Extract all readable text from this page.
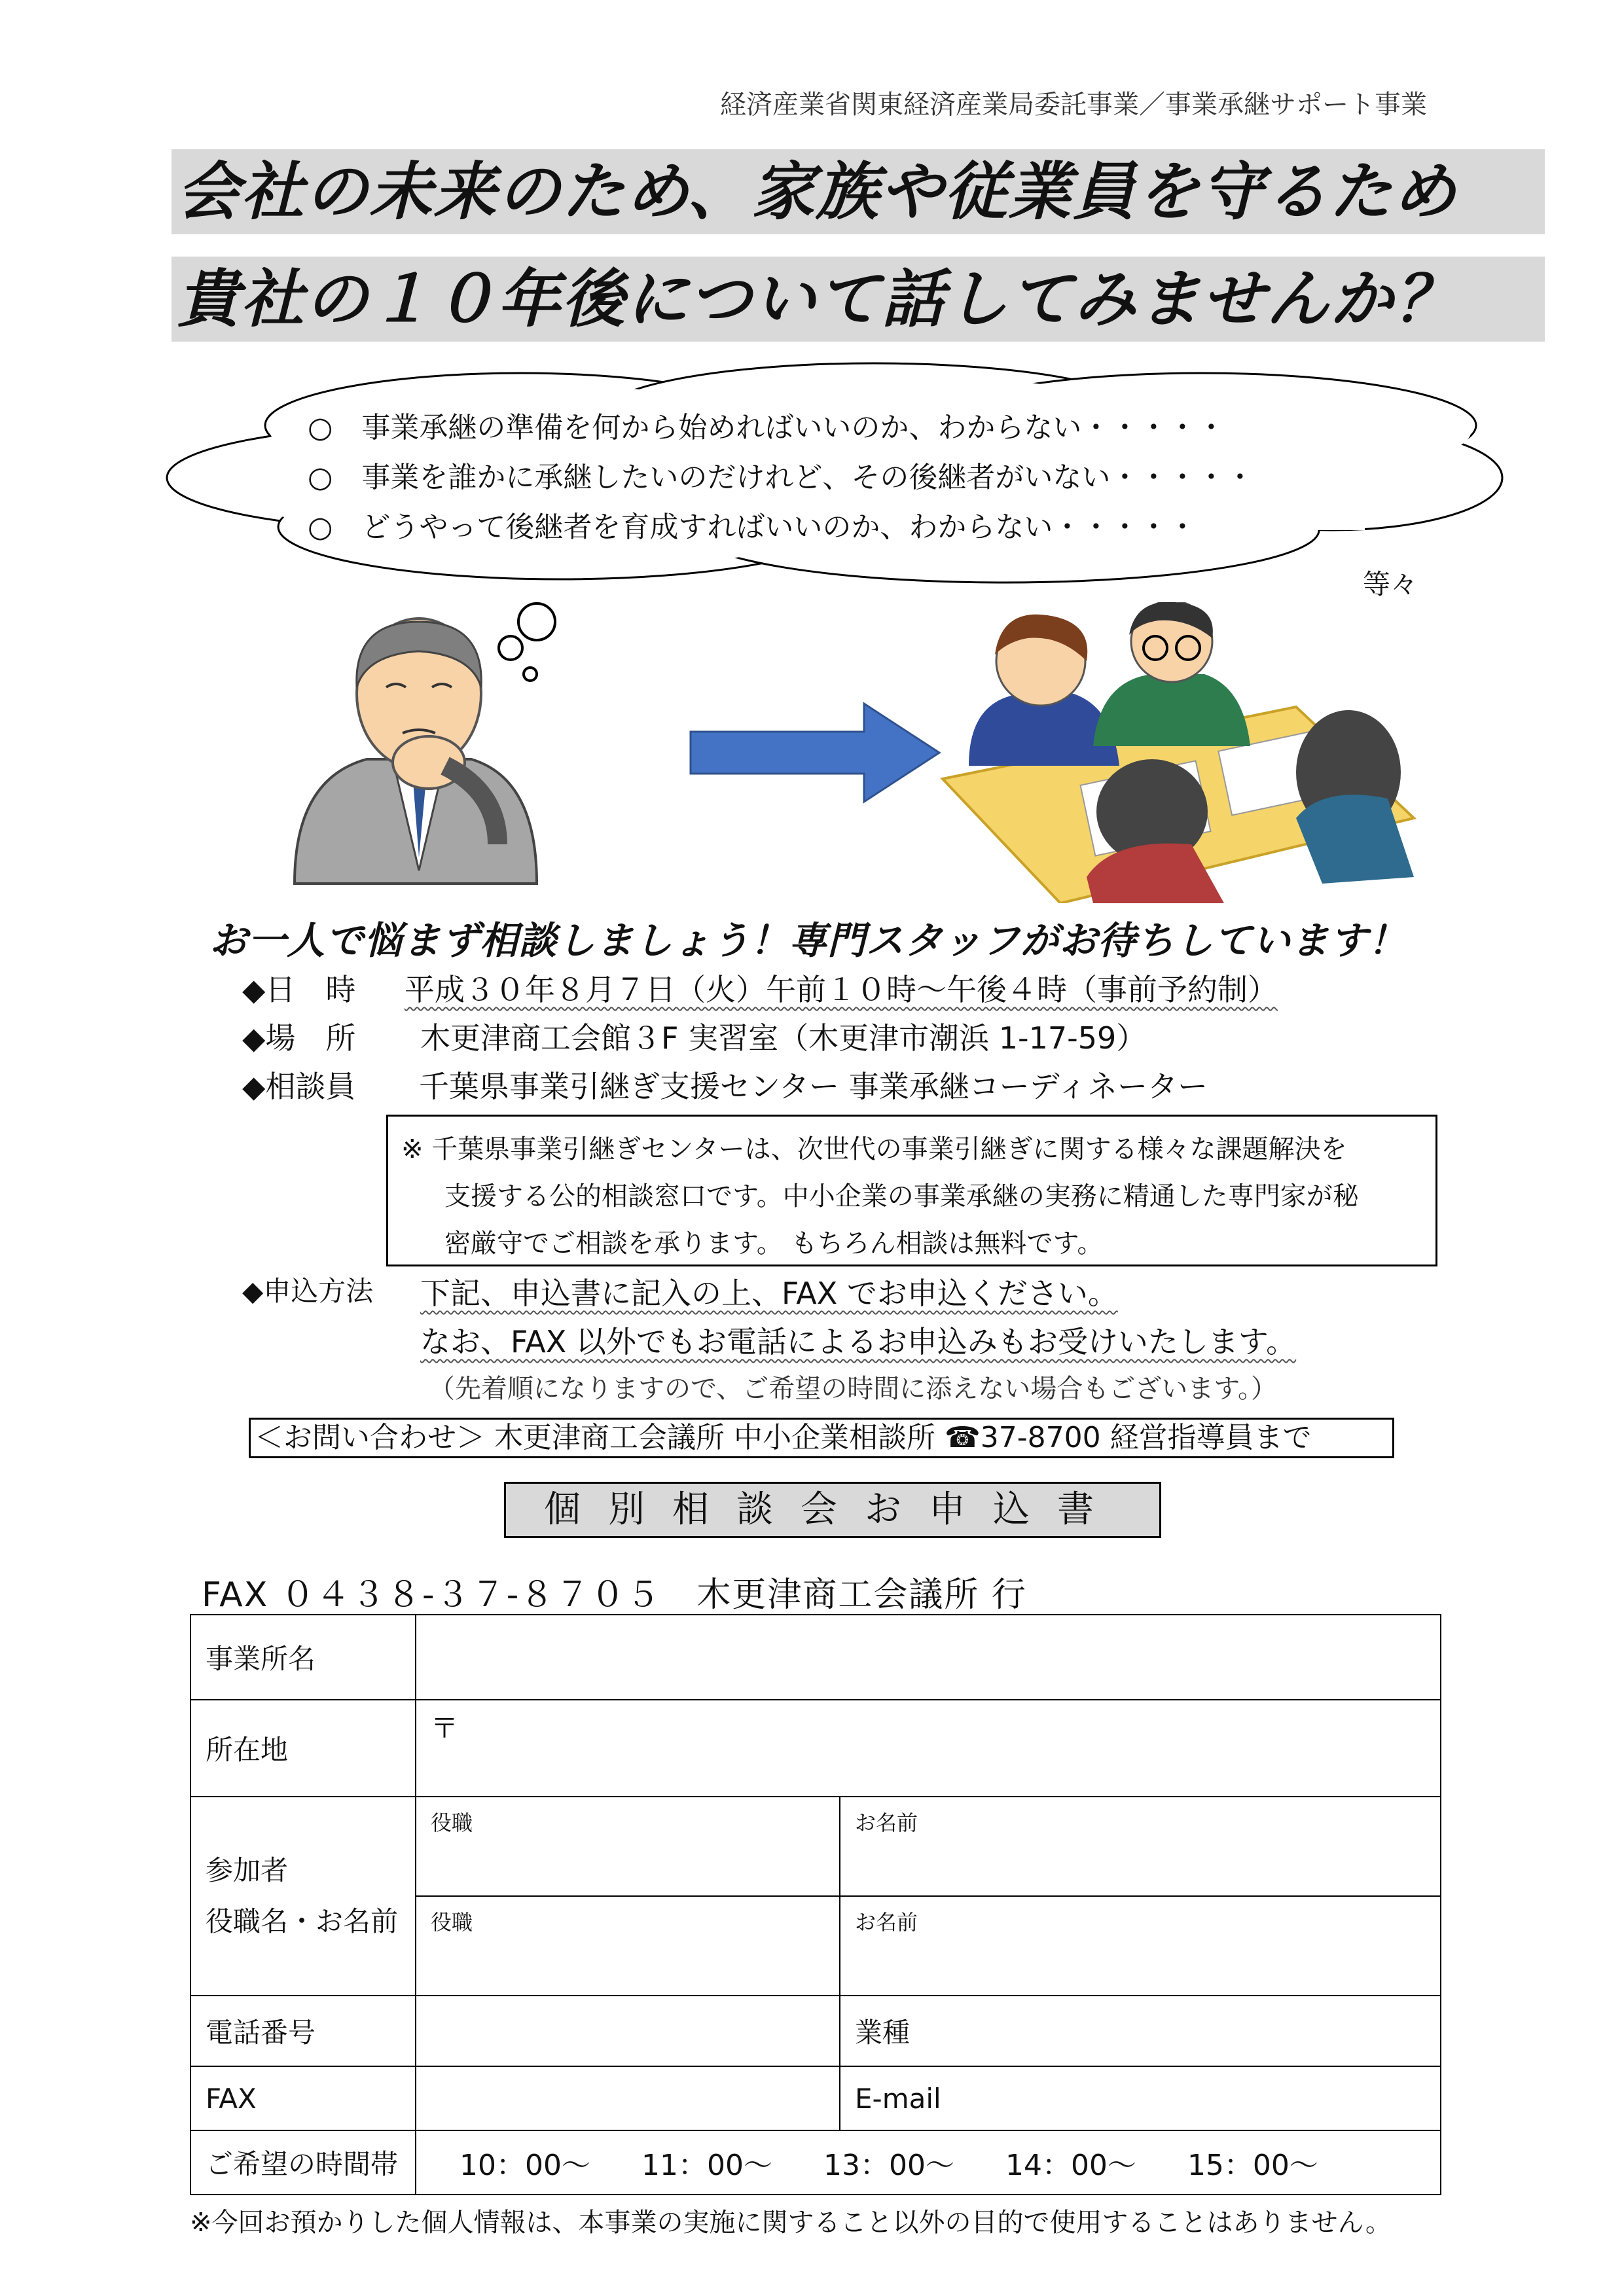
経済産業省関東経済産業局委託事業／事業承継サポート事業
会社の未来のため、家族や従業員を守るため
貴社の１０年後について話してみませんか？
○　事業承継の準備を何から始めればいいのか、わからない・・・・・
○　事業を誰かに承継したいのだけれど、その後継者がいない・・・・・
○　どうやって後継者を育成すればいいのか、わからない・・・・・
等々
お一人で悩まず相談しましょう！専門スタッフがお待ちしています！
◆日　時 平成３０年８月７日（火）午前１０時～午後４時（事前予約制）
◆場　所 木更津商工会館３F 実習室（木更津市潮浜 1-17-59）
◆相談員 千葉県事業引継ぎ支援センター 事業承継コーディネーター
※ 千葉県事業引継ぎセンターは、次世代の事業引継ぎに関する様々な課題解決を
支援する公的相談窓口です。中小企業の事業承継の実務に精通した専門家が秘
密厳守でご相談を承ります。 もちろん相談は無料です。
◆申込方法 下記、申込書に記入の上、FAX でお申込ください。
なお、FAX 以外でもお電話によるお申込みもお受けいたします。
（先着順になりますので、ご希望の時間に添えない場合もございます。）
＜お問い合わせ＞ 木更津商工会議所 中小企業相談所 ☎37-8700 経営指導員まで
個別相談会お申込書
FAX ０４３８-３７-８７０５　木更津商工会議所 行
事業所名		
所在地	〒	

参加者
役職名・お名前	役職	お名前
	役職	お名前
電話番号		業種
FAX		E-mail
ご希望の時間帯	10：00～ 11：00～ 13：00～ 14：00～ 15：00～	
※今回お預かりした個人情報は、本事業の実施に関すること以外の目的で使用することはありません。
